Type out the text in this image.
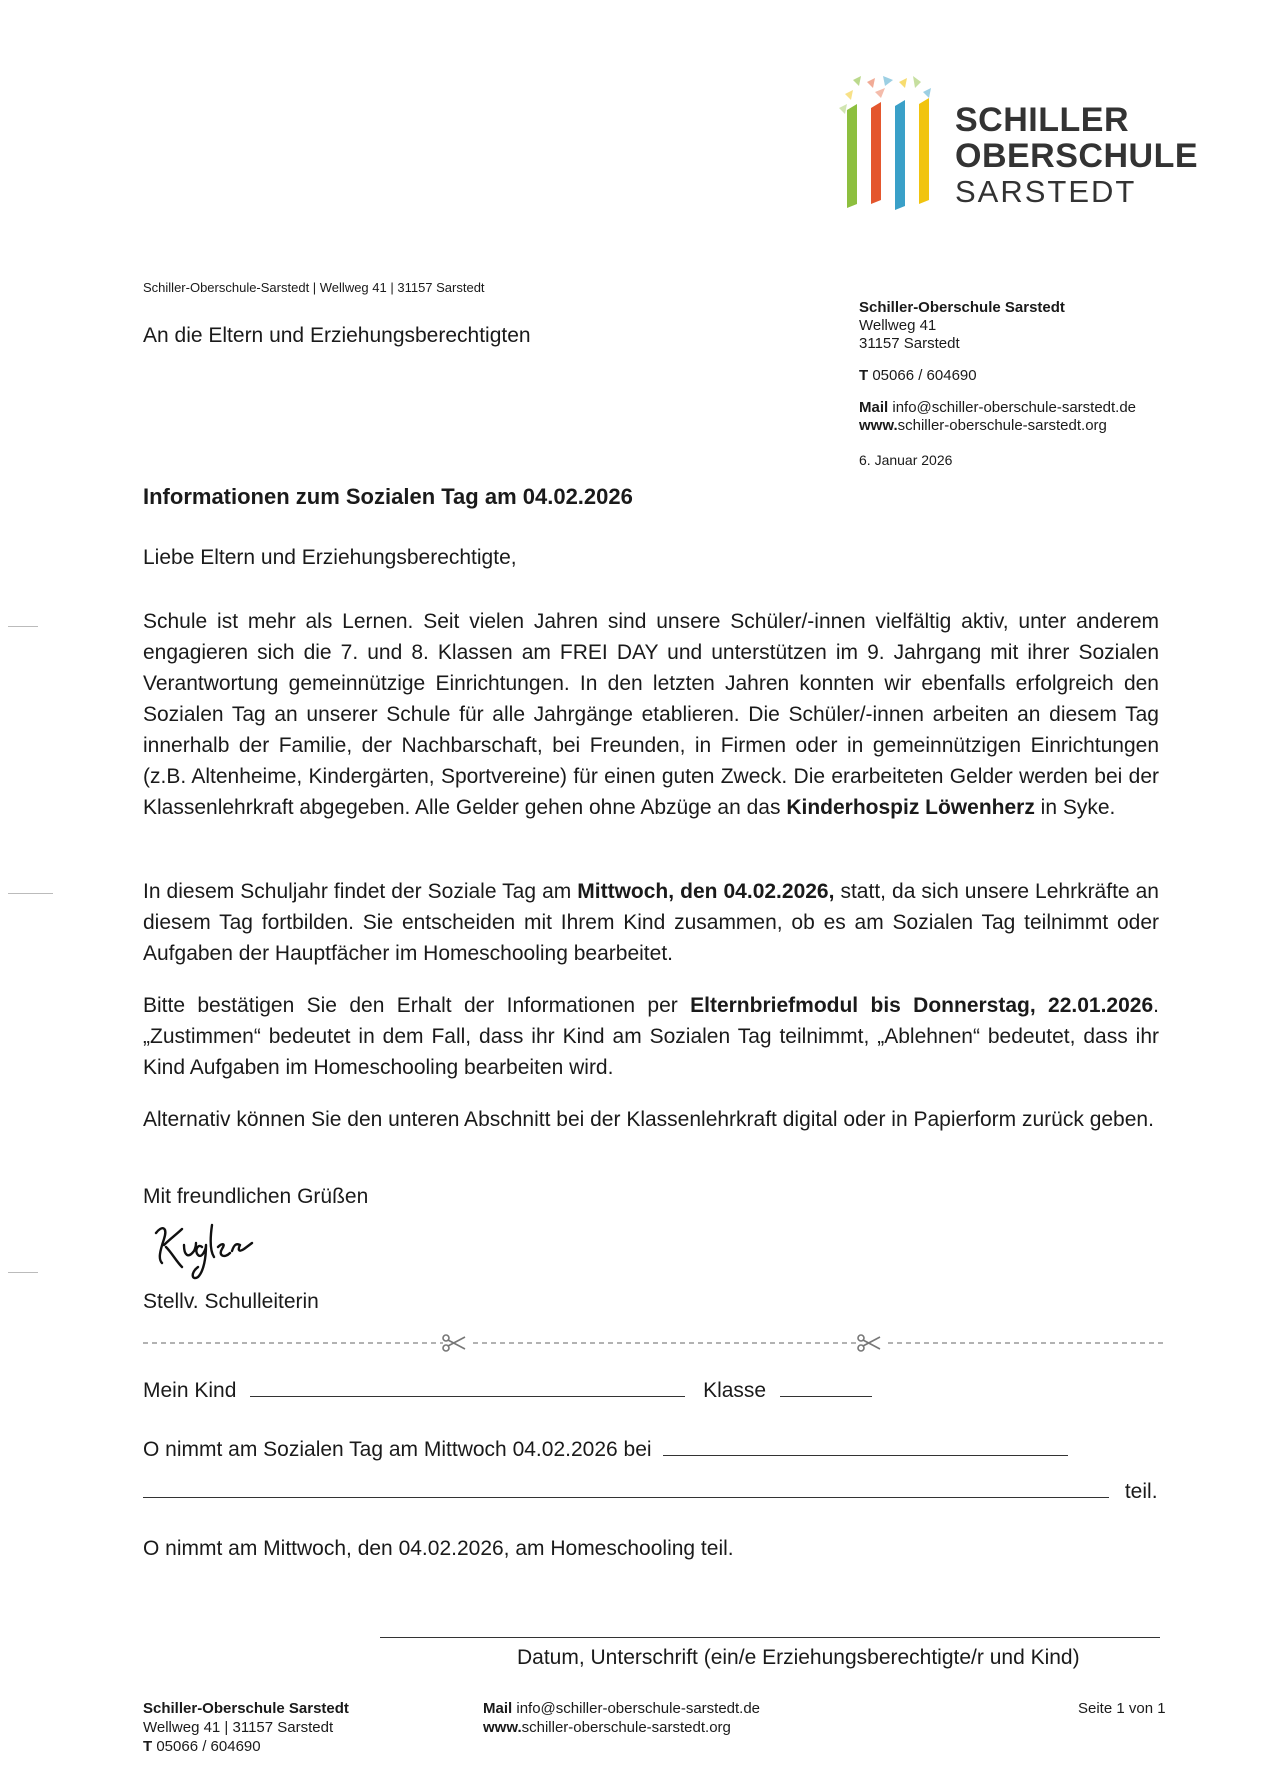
SCHILLER
OBERSCHULE
SARSTEDT
Schiller-Oberschule-Sarstedt | Wellweg 41 | 31157 Sarstedt
An die Eltern und Erziehungsberechtigten
Schiller-Oberschule Sarstedt
Wellweg 41
31157 Sarstedt
T 05066 / 604690
Mail info@schiller-oberschule-sarstedt.de
www.schiller-oberschule-sarstedt.org
6. Januar 2026
Informationen zum Sozialen Tag am 04.02.2026
Liebe Eltern und Erziehungsberechtigte,

Schule ist mehr als Lernen. Seit vielen Jahren sind unsere Schüler/-innen vielfältig aktiv, unter anderem engagieren sich die 7. und 8. Klassen am FREI DAY und unterstützen im 9. Jahrgang mit ihrer Sozialen Verantwortung gemeinnützige Einrichtungen. In den letzten Jahren konnten wir ebenfalls erfolgreich den Sozialen Tag an unserer Schule für alle Jahrgänge etablieren. Die Schüler/-innen arbeiten an diesem Tag innerhalb der Familie, der Nachbarschaft, bei Freunden, in Firmen oder in gemeinnützigen Einrichtungen (z.B. Altenheime, Kindergärten, Sportvereine) für einen guten Zweck. Die erarbeiteten Gelder werden bei der Klassenlehrkraft abgegeben. Alle Gelder gehen ohne Abzüge an das Kinderhospiz Löwenherz in Syke.

In diesem Schuljahr findet der Soziale Tag am Mittwoch, den 04.02.2026, statt, da sich unsere Lehrkräfte an diesem Tag fortbilden. Sie entscheiden mit Ihrem Kind zusammen, ob es am Sozialen Tag teilnimmt oder Aufgaben der Hauptfächer im Homeschooling bearbeitet.

Bitte bestätigen Sie den Erhalt der Informationen per Elternbriefmodul bis Donnerstag, 22.01.2026. „Zustimmen“ bedeutet in dem Fall, dass ihr Kind am Sozialen Tag teilnimmt, „Ablehnen“ bedeutet, dass ihr Kind Aufgaben im Homeschooling bearbeiten wird.

Alternativ können Sie den unteren Abschnitt bei der Klassenlehrkraft digital oder in Papierform zurück geben.

Mit freundlichen Grüßen
Stellv. Schulleiterin
Mein Kind	Klasse
O nimmt am Sozialen Tag am Mittwoch 04.02.2026 bei
teil.
O nimmt am Mittwoch, den 04.02.2026, am Homeschooling teil.
Datum, Unterschrift (ein/e Erziehungsberechtigte/r und Kind)
Schiller-Oberschule Sarstedt
Wellweg 41 | 31157 Sarstedt
T 05066 / 604690
Mail info@schiller-oberschule-sarstedt.de
www.schiller-oberschule-sarstedt.org
Seite 1 von 1
